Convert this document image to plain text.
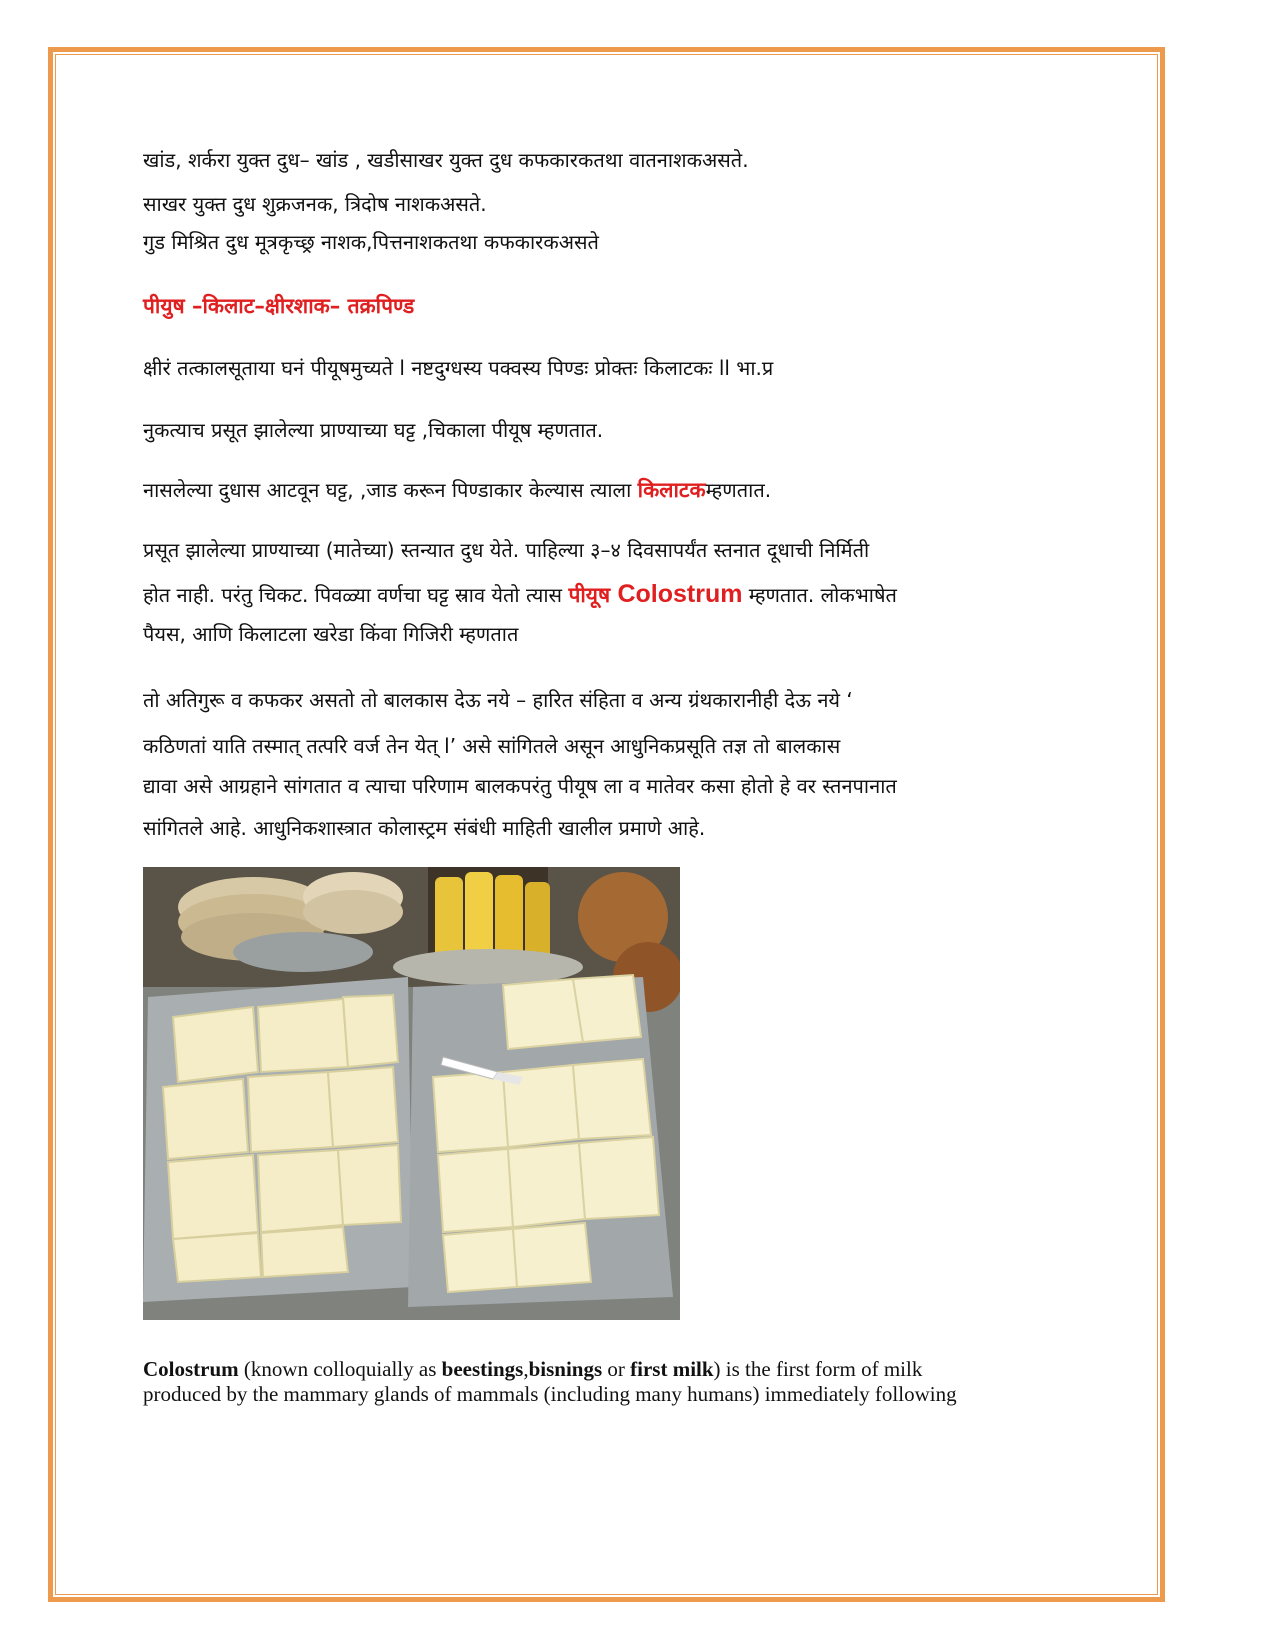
खांड, शर्करा युक्त दुध– खांड , खडीसाखर युक्त दुध कफकारकतथा वातनाशकअसते.
साखर युक्त दुध शुक्रजनक, त्रिदोष नाशकअसते.
गुड मिश्रित दुध मूत्रकृच्छ्र नाशक,पित्तनाशकतथा कफकारकअसते
पीयुष –किलाट–क्षीरशाक– तक्रपिण्ड
क्षीरं तत्कालसूताया घनं पीयूषमुच्यते l नष्टदुग्धस्य पक्वस्य पिण्डः प्रोक्तः किलाटकः ll भा.प्र
नुकत्याच प्रसूत झालेल्या प्राण्याच्या घट्ट ,चिकाला पीयूष म्हणतात.
नासलेल्या दुधास आटवून घट्ट, ,जाड करून पिण्डाकार केल्यास त्याला किलाटकम्हणतात.
प्रसूत झालेल्या प्राण्याच्या (मातेच्या) स्तन्यात दुध येते. पाहिल्या ३–४ दिवसापर्यंत स्तनात दूधाची निर्मिती
होत नाही. परंतु चिकट. पिवळ्या वर्णचा घट्ट स्राव येतो त्यास पीयूष Colostrum म्हणतात. लोकभाषेत
पैयस, आणि किलाटला खरेडा किंवा गिजिरी म्हणतात
तो अतिगुरू व कफकर असतो तो बालकास देऊ नये – हारित संहिता व अन्य ग्रंथकारानीही देऊ नये ‘
कठिणतां याति तस्मात् तत्परि वर्ज तेन येत् l’ असे सांगितले असून आधुनिकप्रसूति तज्ञ तो बालकास
द्यावा असे आग्रहाने सांगतात व त्याचा परिणाम बालकपरंतु पीयूष ला व मातेवर कसा होतो हे वर स्तनपानात
सांगितले आहे. आधुनिकशास्त्रात कोलास्ट्रम संबंधी माहिती खालील प्रमाणे आहे.
Colostrum (known colloquially as beestings,bisnings or first milk) is the first form of milk
produced by the mammary glands of mammals (including many humans) immediately following
